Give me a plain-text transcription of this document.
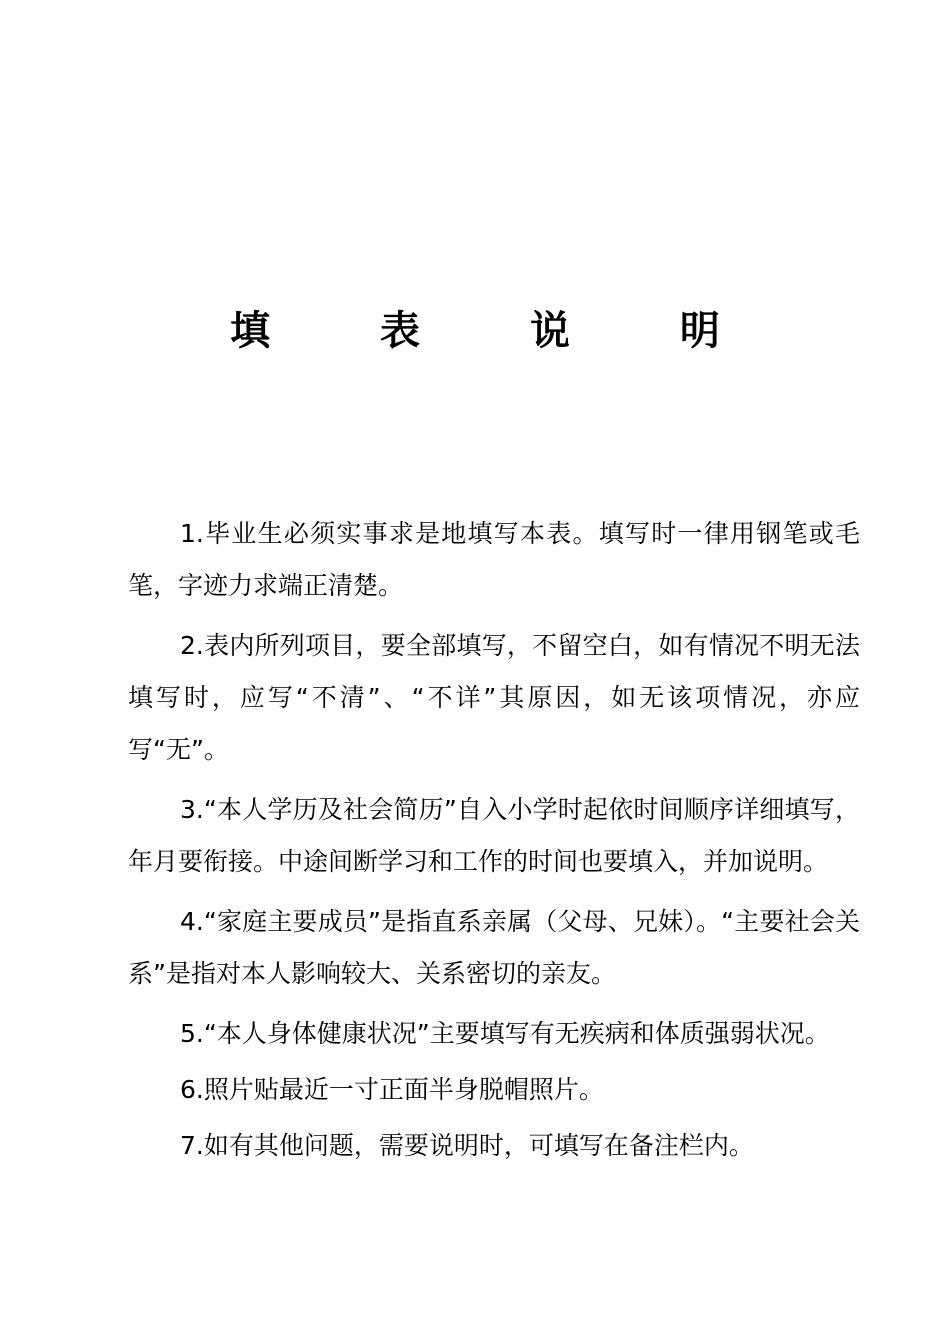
填 表 说 明

1.毕业生必须实事求是地填写本表。填写时一律用钢笔或毛笔，字迹力求端正清楚。

2.表内所列项目，要全部填写，不留空白，如有情况不明无法填写时，应写“不清”、“不详”其原因，如无该项情况，亦应写“无”。

3.“本人学历及社会简历”自入小学时起依时间顺序详细填写，年月要衔接。中途间断学习和工作的时间也要填入，并加说明。

4.“家庭主要成员”是指直系亲属（父母、兄妹）。“主要社会关系”是指对本人影响较大、关系密切的亲友。

5.“本人身体健康状况”主要填写有无疾病和体质强弱状况。

6.照片贴最近一寸正面半身脱帽照片。

7.如有其他问题，需要说明时，可填写在备注栏内。
